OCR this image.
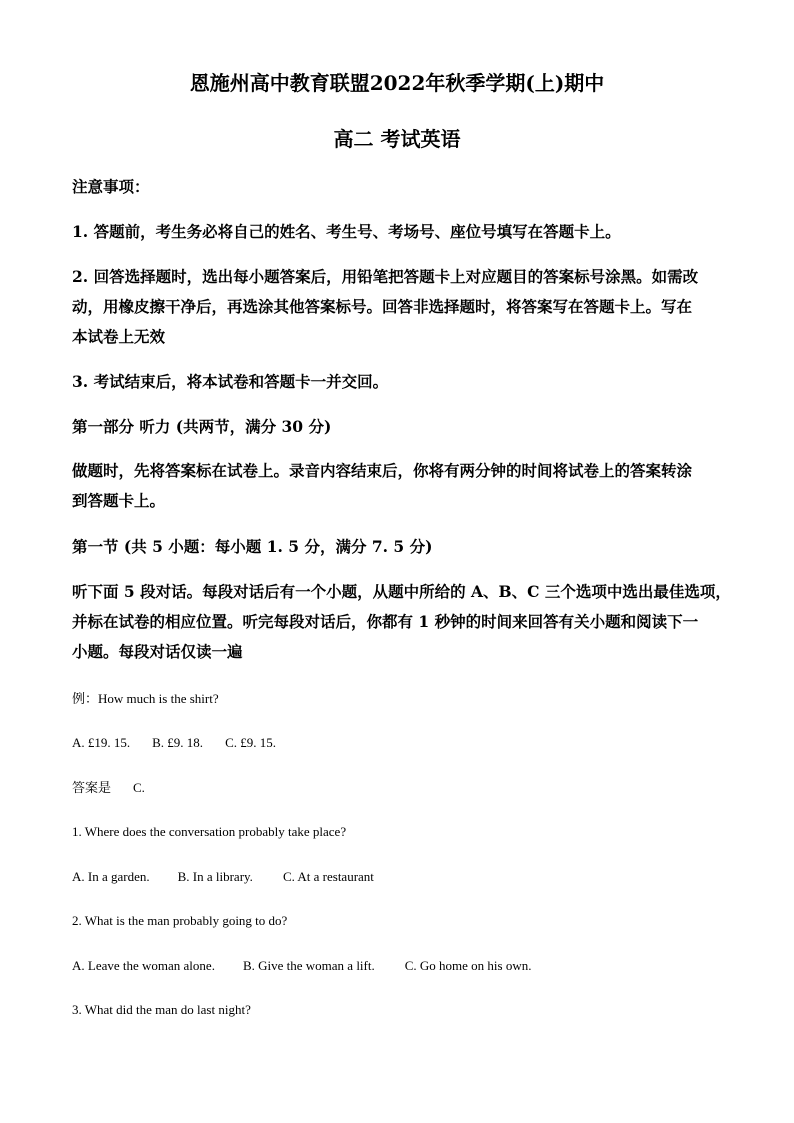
恩施州高中教育联盟2022年秋季学期(上)期中
高二 考试英语

注意事项：

1. 答题前，考生务必将自己的姓名、考生号、考场号、座位号填写在答题卡上。

2. 回答选择题时，选出每小题答案后，用铅笔把答题卡上对应题目的答案标号涂黑。如需改

动，用橡皮擦干净后，再选涂其他答案标号。回答非选择题时，将答案写在答题卡上。写在

本试卷上无效

3. 考试结束后，将本试卷和答题卡一并交回。

第一部分 听力 (共两节，满分 30 分)

做题时，先将答案标在试卷上。录音内容结束后，你将有两分钟的时间将试卷上的答案转涂

到答题卡上。

第一节 (共 5 小题：每小题 1. 5 分，满分 7. 5 分)

听下面 5 段对话。每段对话后有一个小题，从题中所给的 A、B、C 三个选项中选出最佳选项，

并标在试卷的相应位置。听完每段对话后，你都有 1 秒钟的时间来回答有关小题和阅读下一

小题。每段对话仅读一遍

例：How much is the shirt?

A. £19. 15. B. £9. 18. C. £9. 15.

答案是 C.

1. Where does the conversation probably take place?

A. In a garden. B. In a library. C. At a restaurant

2. What is the man probably going to do?

A. Leave the woman alone. B. Give the woman a lift. C. Go home on his own.

3. What did the man do last night?
